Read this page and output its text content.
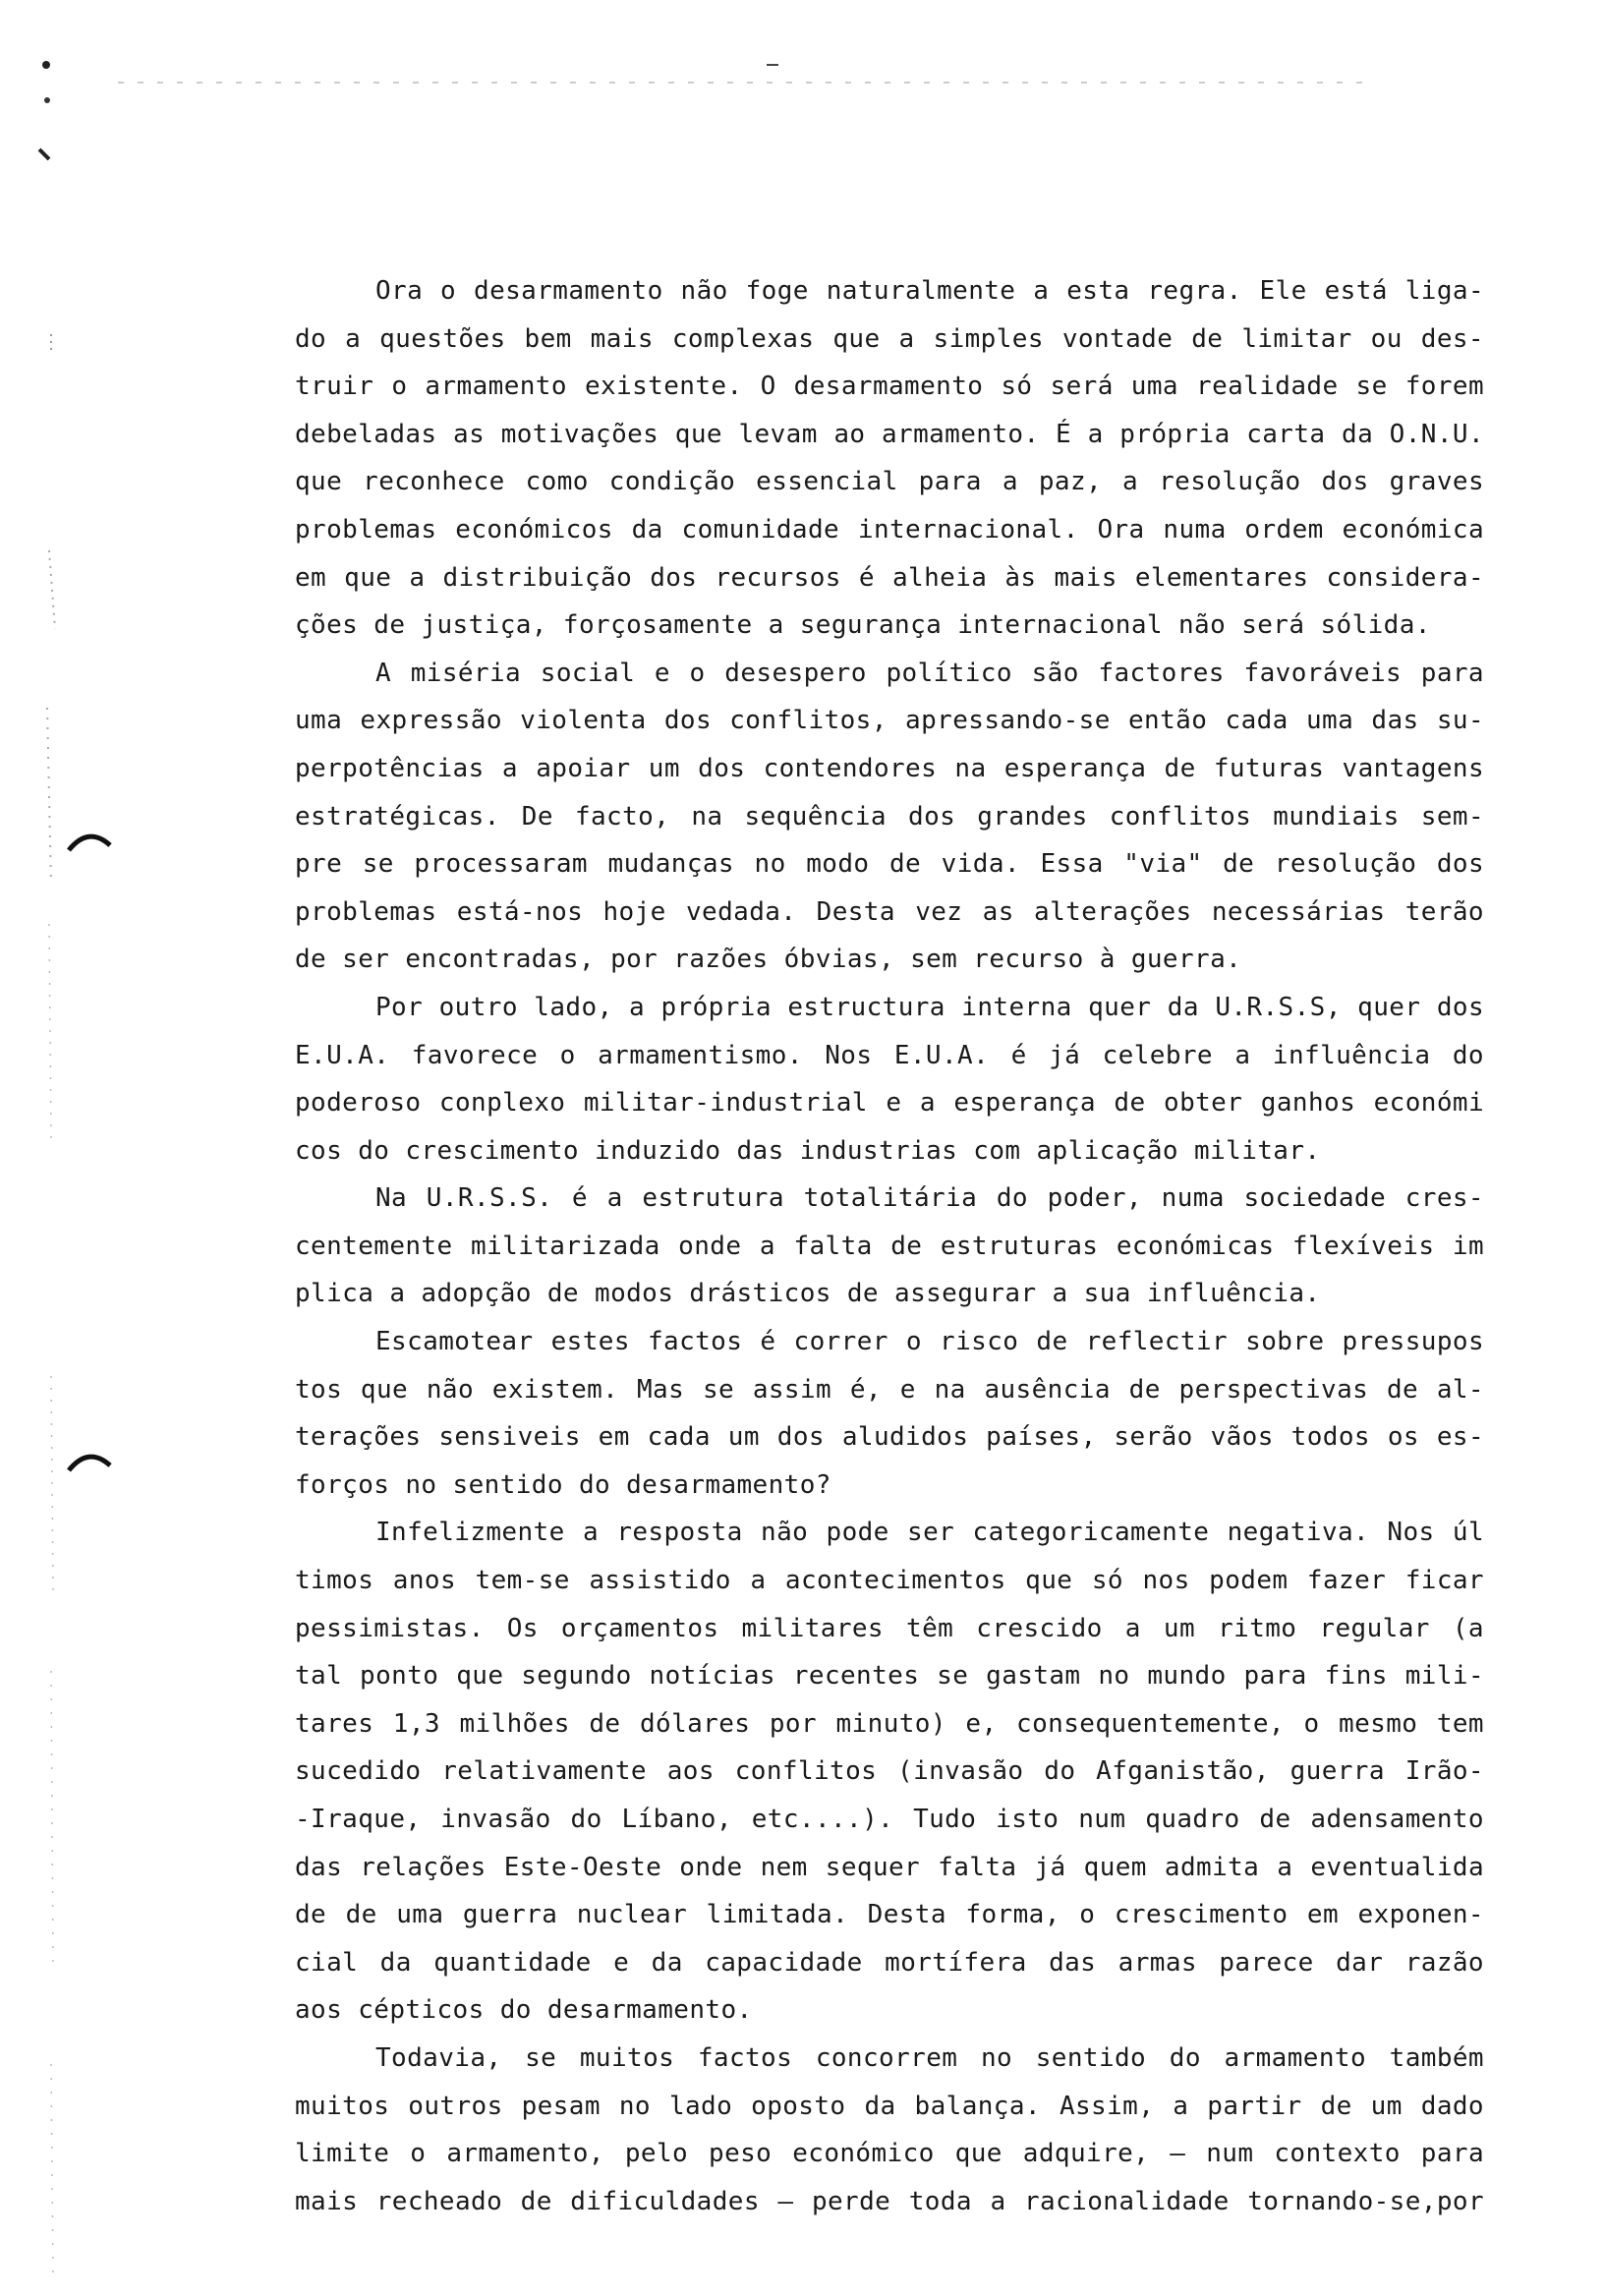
Ora o desarmamento não foge naturalmente a esta regra. Ele está liga-
do a questões bem mais complexas que a simples vontade de limitar ou des-
truir o armamento existente. O desarmamento só será uma realidade se forem
debeladas as motivações que levam ao armamento. É a própria carta da O.N.U.
que reconhece como condição essencial para a paz, a resolução dos graves
problemas económicos da comunidade internacional. Ora numa ordem económica
em que a distribuição dos recursos é alheia às mais elementares considera-
ções de justiça, forçosamente a segurança internacional não será sólida.
A miséria social e o desespero político são factores favoráveis para
uma expressão violenta dos conflitos, apressando-se então cada uma das su-
perpotências a apoiar um dos contendores na esperança de futuras vantagens
estratégicas. De facto, na sequência dos grandes conflitos mundiais sem-
pre se processaram mudanças no modo de vida. Essa "via" de resolução dos
problemas está-nos hoje vedada. Desta vez as alterações necessárias terão
de ser encontradas, por razões óbvias, sem recurso à guerra.
Por outro lado, a própria estructura interna quer da U.R.S.S, quer dos
E.U.A. favorece o armamentismo. Nos E.U.A. é já celebre a influência do
poderoso conplexo militar-industrial e a esperança de obter ganhos económi
cos do crescimento induzido das industrias com aplicação militar.
Na U.R.S.S. é a estrutura totalitária do poder, numa sociedade cres-
centemente militarizada onde a falta de estruturas económicas flexíveis im
plica a adopção de modos drásticos de assegurar a sua influência.
Escamotear estes factos é correr o risco de reflectir sobre pressupos
tos que não existem. Mas se assim é, e na ausência de perspectivas de al-
terações sensiveis em cada um dos aludidos países, serão vãos todos os es-
forços no sentido do desarmamento?
Infelizmente a resposta não pode ser categoricamente negativa. Nos úl
timos anos tem-se assistido a acontecimentos que só nos podem fazer ficar
pessimistas. Os orçamentos militares têm crescido a um ritmo regular (a
tal ponto que segundo notícias recentes se gastam no mundo para fins mili-
tares 1,3 milhões de dólares por minuto) e, consequentemente, o mesmo tem
sucedido relativamente aos conflitos (invasão do Afganistão, guerra Irão-
-Iraque, invasão do Líbano, etc....). Tudo isto num quadro de adensamento
das relações Este-Oeste onde nem sequer falta já quem admita a eventualida
de de uma guerra nuclear limitada. Desta forma, o crescimento em exponen-
cial da quantidade e da capacidade mortífera das armas parece dar razão
aos cépticos do desarmamento.
Todavia, se muitos factos concorrem no sentido do armamento também
muitos outros pesam no lado oposto da balança. Assim, a partir de um dado
limite o armamento, pelo peso económico que adquire, — num contexto para
mais recheado de dificuldades — perde toda a racionalidade tornando-se,por
